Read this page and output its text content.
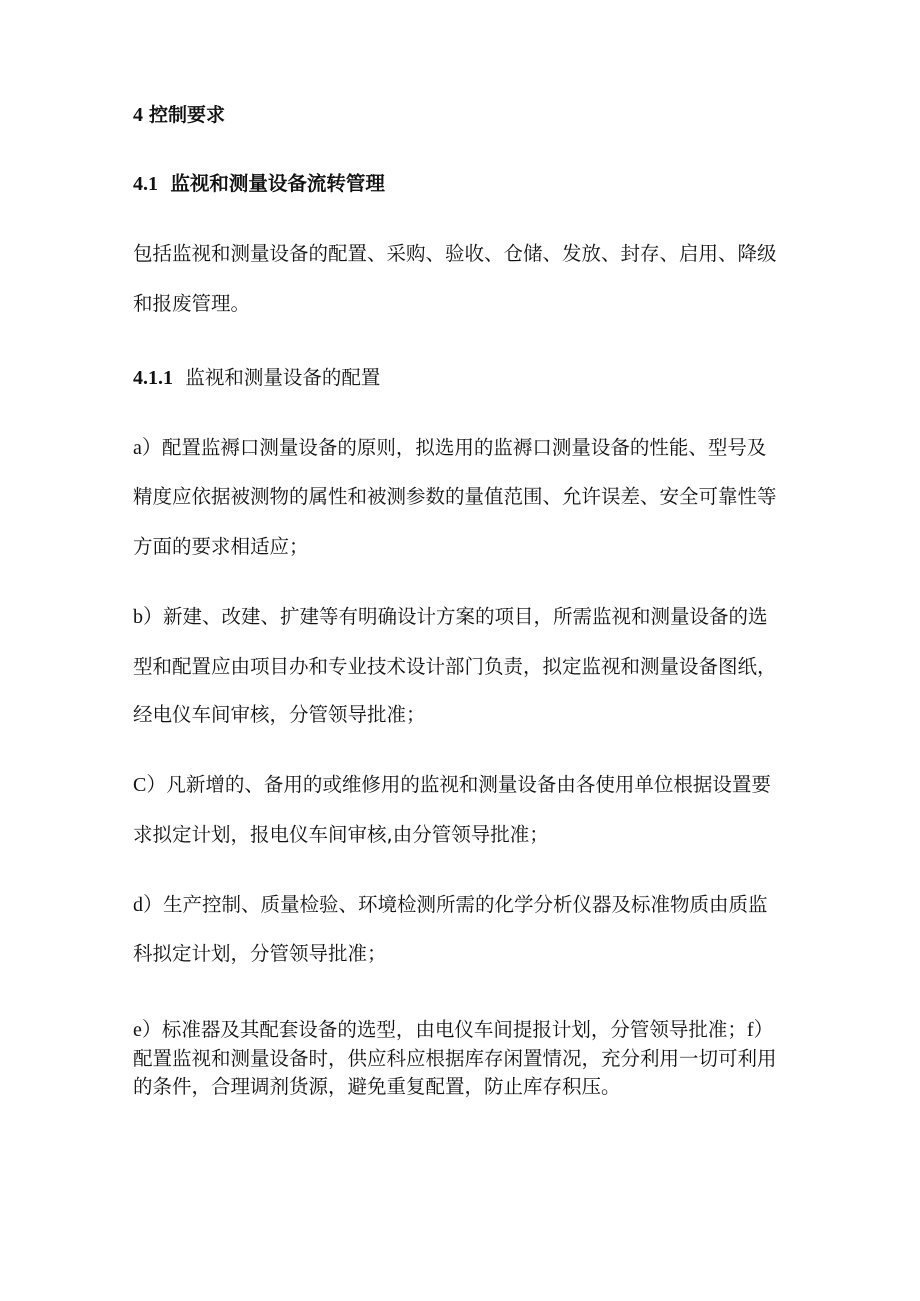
4 控制要求
4.1 监视和测量设备流转管理
包括监视和测量设备的配置、采购、验收、仓储、发放、封存、启用、降级
和报废管理。
4.1.1 监视和测量设备的配置
a）配置监褥口测量设备的原则，拟选用的监褥口测量设备的性能、型号及
精度应依据被测物的属性和被测参数的量值范围、允许误差、安全可靠性等
方面的要求相适应；
b）新建、改建、扩建等有明确设计方案的项目，所需监视和测量设备的选
型和配置应由项目办和专业技术设计部门负责，拟定监视和测量设备图纸，
经电仪车间审核，分管领导批准；
C）凡新增的、备用的或维修用的监视和测量设备由各使用单位根据设置要
求拟定计划，报电仪车间审核,由分管领导批准；
d）生产控制、质量检验、环境检测所需的化学分析仪器及标准物质由质监
科拟定计划，分管领导批准；
e）标准器及其配套设备的选型，由电仪车间提报计划，分管领导批准；f）
配置监视和测量设备时，供应科应根据库存闲置情况，充分利用一切可利用
的条件，合理调剂货源，避免重复配置，防止库存积压。
